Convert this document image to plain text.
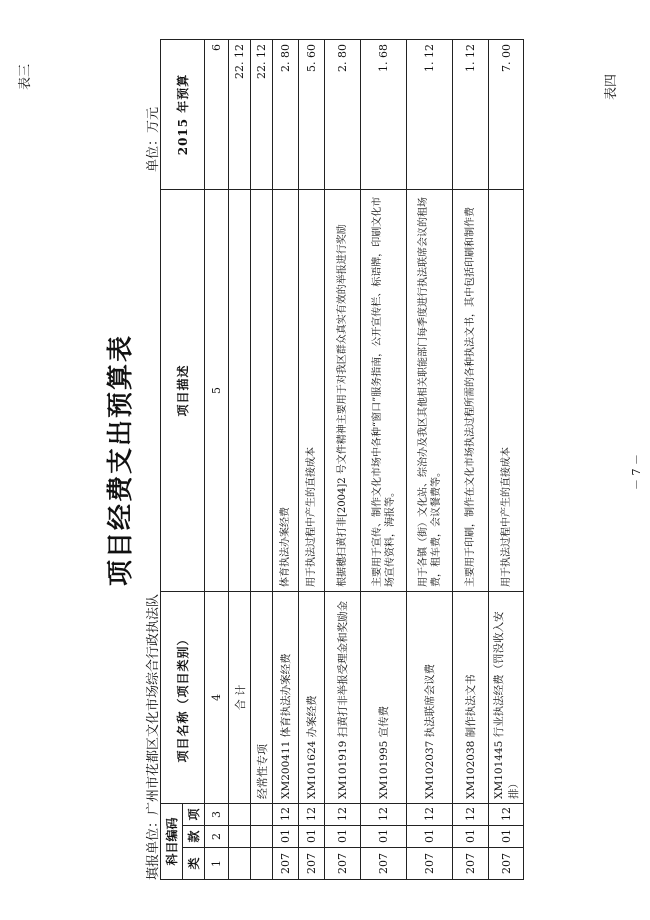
表三	表四
项目经费支出预算表
填报单位：广州市花都区文化市场综合行政执法队
单位：万元
科目编码			项目名称（项目类别）	项目描述	2015 年预算
类	款	项			
1	2	3	4	5	6
			合 计		22. 12
			经常性专项		22. 12
207	01	12	XM200411 体育执法办案经费	体育执法办案经费	2. 80
207	01	12	XM101624 办案经费	用于执法过程中产生的直接成本	5. 60
207	01	12	XM101919 扫黄打非举报受理金和奖励金	根据穗扫黄打非[2004]2 号文件精神主要用于对我区群众真实有效的举报进行奖励	2. 80
207	01	12	XM101995 宣传费	主要用于宣传、制作文化市场中各种“窗口”服务指南，公开宣传栏、标语牌，印刷文化市场宣传资料，海报等。	1. 68
207	01	12	XM102037 执法联席会议费	用于各镇（街）文化站、综治办及我区其他相关职能部门每季度进行执法联席会议的租场费，租车费，会议餐费等。	1. 12
207	01	12	XM102038 制作执法文书	主要用于印刷，制作在文化市场执法过程所需的各种执法文书，其中包括印刷和制作费	1. 12
207	01	12	XM101445 行业执法经费（罚没收入安排）	用于执法过程中产生的直接成本	7. 00
－ 7 －
